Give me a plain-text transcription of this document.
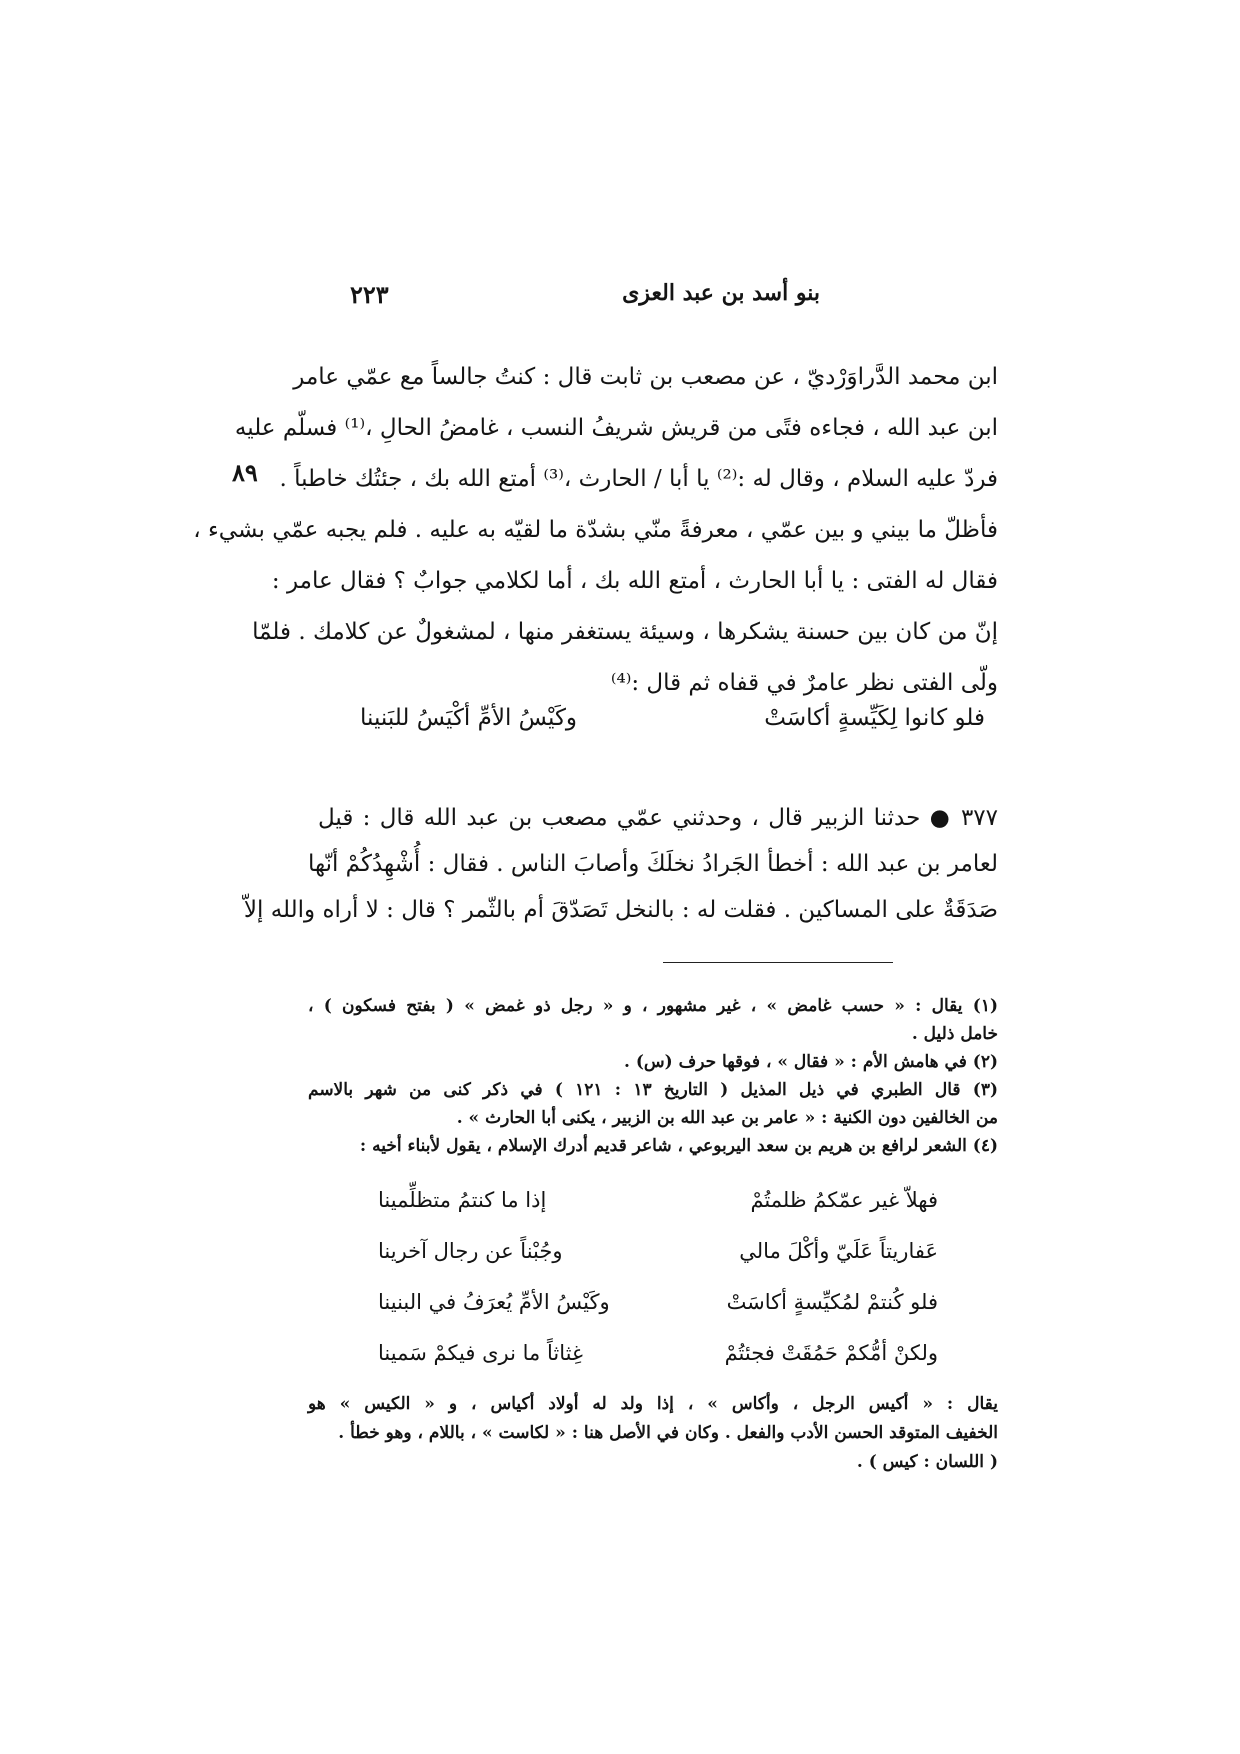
بنو أسد بن عبد العزى
٢٢٣
٨٩
ابن محمد الدَّراوَرْديّ ، عن مصعب بن ثابت قال : كنتُ جالساً مع عمّي عامر
ابن عبد الله ، فجاءه فتًى من قريش شريفُ النسب ، غامضُ الحالِ ،⁽¹⁾ فسلّم عليه
فردّ عليه السلام ، وقال له :⁽²⁾ يا أبا / الحارث ،⁽³⁾ أمتع الله بك ، جئتُك خاطباً .
فأظلّ ما بيني و بين عمّي ، معرفةً منّي بشدّة ما لقيّه به عليه . فلم يجبه عمّي بشيء ،
فقال له الفتى : يا أبا الحارث ، أمتع الله بك ، أما لكلامي جوابٌ ؟ فقال عامر :
إنّ من كان بين حسنة يشكرها ، وسيئة يستغفر منها ، لمشغولٌ عن كلامك . فلمّا
ولّى الفتى نظر عامرٌ في قفاه ثم قال :⁽⁴⁾
فلو كانوا لِكَيِّسةٍ أكاسَتْ
وكَيْسُ الأمِّ أكْيَسُ للبَنينا
٣٧٧ ● حدثنا الزبير قال ، وحدثني عمّي مصعب بن عبد الله قال : قيل
لعامر بن عبد الله : أخطأ الجَرادُ نخلَكَ وأصابَ الناس . فقال : أُشْهِدُكُمْ أنّها
صَدَقَةٌ على المساكين . فقلت له : بالنخل تَصَدّقَ أم بالثّمر ؟ قال : لا أراه والله إلاّ
(١) يقال : « حسب غامض » ، غير مشهور ، و « رجل ذو غمض » ( بفتح فسكون ) ،
خامل ذليل .
(٢) في هامش الأم : « فقال » ، فوقها حرف (س) .
(٣) قال الطبري في ذيل المذيل ( التاريخ ١٣ : ١٢١ ) في ذكر كنى من شهر بالاسم
من الخالفين دون الكنية : « عامر بن عبد الله بن الزبير ، يكنى أبا الحارث » .
(٤) الشعر لرافع بن هريم بن سعد اليربوعي ، شاعر قديم أدرك الإسلام ، يقول لأبناء أخيه :
فهلاّ غير عمّكمُ ظلمتُمْ
إذا ما كنتمُ متظلِّمينا
عَفاريتاً عَلَيّ وأكْلَ مالي
وجُبْناً عن رجال آخرينا
فلو كُنتمْ لمُكيِّسةٍ أكاسَتْ
وكَيْسُ الأمِّ يُعرَفُ في البنينا
ولكنْ أمُّكمْ حَمُقَتْ فجئتُمْ
غِثاثاً ما نرى فيكمْ سَمينا
يقال : « أكيس الرجل ، وأكاس » ، إذا ولد له أولاد أكياس ، و « الكيس » هو
الخفيف المتوقد الحسن الأدب والفعل . وكان في الأصل هنا : « لكاست » ، باللام ، وهو خطأ .
( اللسان : كيس ) .
